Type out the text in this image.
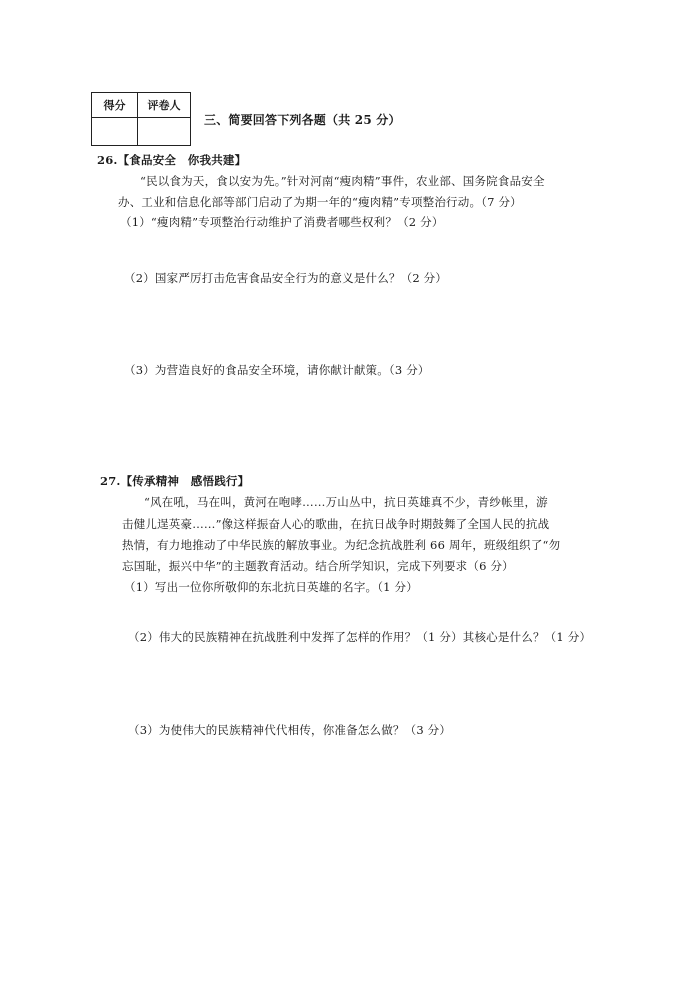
得分	评卷人

三、简要回答下列各题（共 25 分）
26.【食品安全　你我共建】
“民以食为天，食以安为先。”针对河南“瘦肉精”事件，农业部、国务院食品安全
办、工业和信息化部等部门启动了为期一年的“瘦肉精”专项整治行动。（7 分）
（1）“瘦肉精”专项整治行动维护了消费者哪些权利？（2 分）
（2）国家严厉打击危害食品安全行为的意义是什么？（2 分）
（3）为营造良好的食品安全环境，请你献计献策。（3 分）
27.【传承精神　感悟践行】
“风在吼，马在叫，黄河在咆哮……万山丛中，抗日英雄真不少，青纱帐里，游
击健儿逞英豪……”像这样振奋人心的歌曲，在抗日战争时期鼓舞了全国人民的抗战
热情，有力地推动了中华民族的解放事业。为纪念抗战胜利 66 周年，班级组织了“勿
忘国耻，振兴中华”的主题教育活动。结合所学知识，完成下列要求（6 分）
（1）写出一位你所敬仰的东北抗日英雄的名字。（1 分）
（2）伟大的民族精神在抗战胜利中发挥了怎样的作用？（1 分）其核心是什么？（1 分）
（3）为使伟大的民族精神代代相传，你准备怎么做？（3 分）
